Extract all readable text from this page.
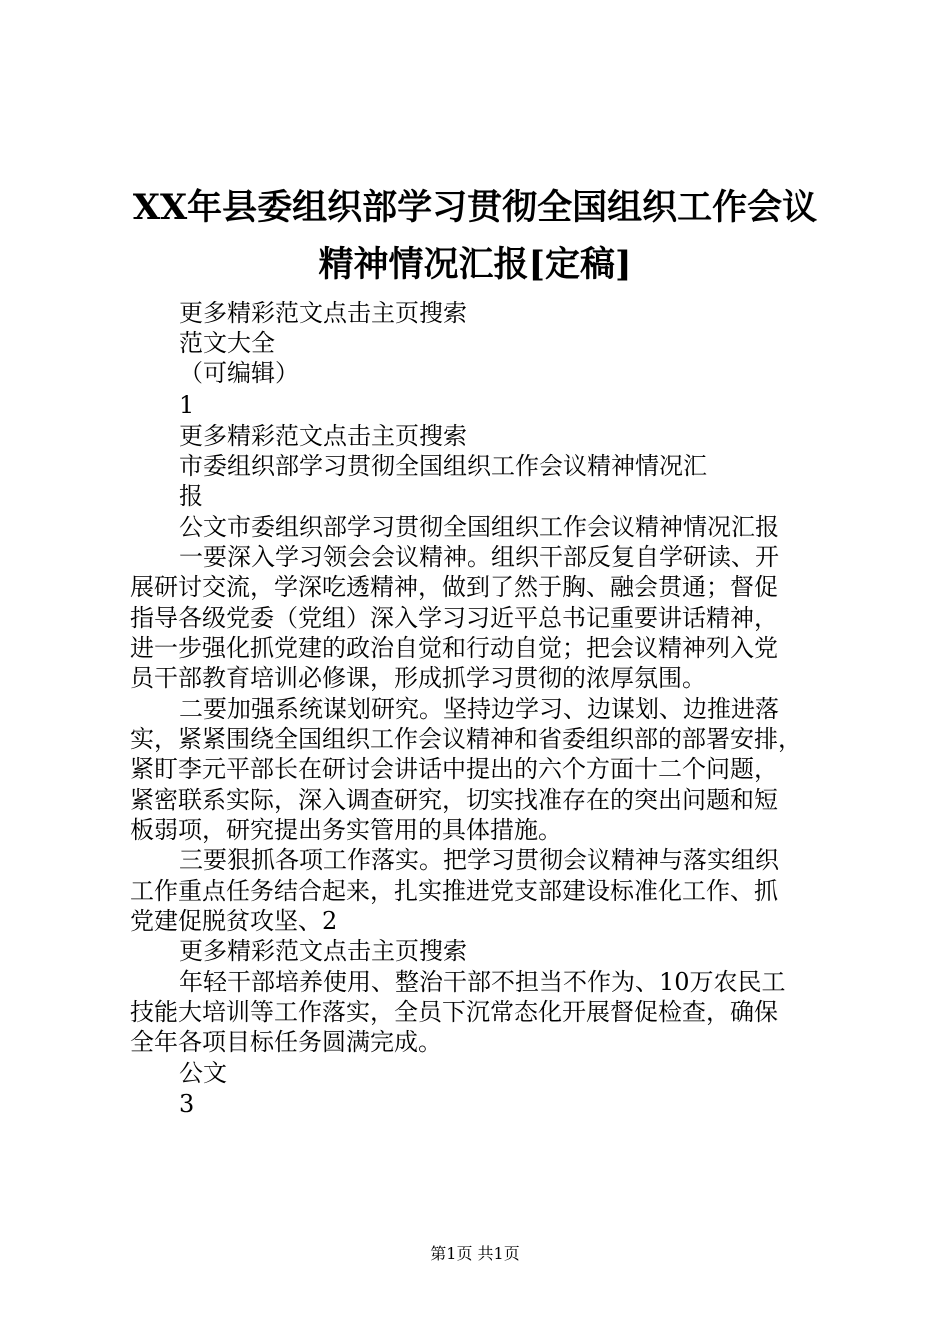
XX年县委组织部学习贯彻全国组织工作会议
精神情况汇报[定稿]
更多精彩范文点击主页搜索
范文大全
（可编辑）
1
更多精彩范文点击主页搜索
市委组织部学习贯彻全国组织工作会议精神情况汇
报
公文市委组织部学习贯彻全国组织工作会议精神情况汇报
一要深入学习领会会议精神。组织干部反复自学研读、开
展研讨交流，学深吃透精神，做到了然于胸、融会贯通；督促
指导各级党委（党组）深入学习习近平总书记重要讲话精神，
进一步强化抓党建的政治自觉和行动自觉；把会议精神列入党
员干部教育培训必修课，形成抓学习贯彻的浓厚氛围。
二要加强系统谋划研究。坚持边学习、边谋划、边推进落
实，紧紧围绕全国组织工作会议精神和省委组织部的部署安排，
紧盯李元平部长在研讨会讲话中提出的六个方面十二个问题，
紧密联系实际，深入调查研究，切实找准存在的突出问题和短
板弱项，研究提出务实管用的具体措施。
三要狠抓各项工作落实。把学习贯彻会议精神与落实组织
工作重点任务结合起来，扎实推进党支部建设标准化工作、抓
党建促脱贫攻坚、2
更多精彩范文点击主页搜索
年轻干部培养使用、整治干部不担当不作为、10万农民工
技能大培训等工作落实，全员下沉常态化开展督促检查，确保
全年各项目标任务圆满完成。
公文
3
第1页 共1页
